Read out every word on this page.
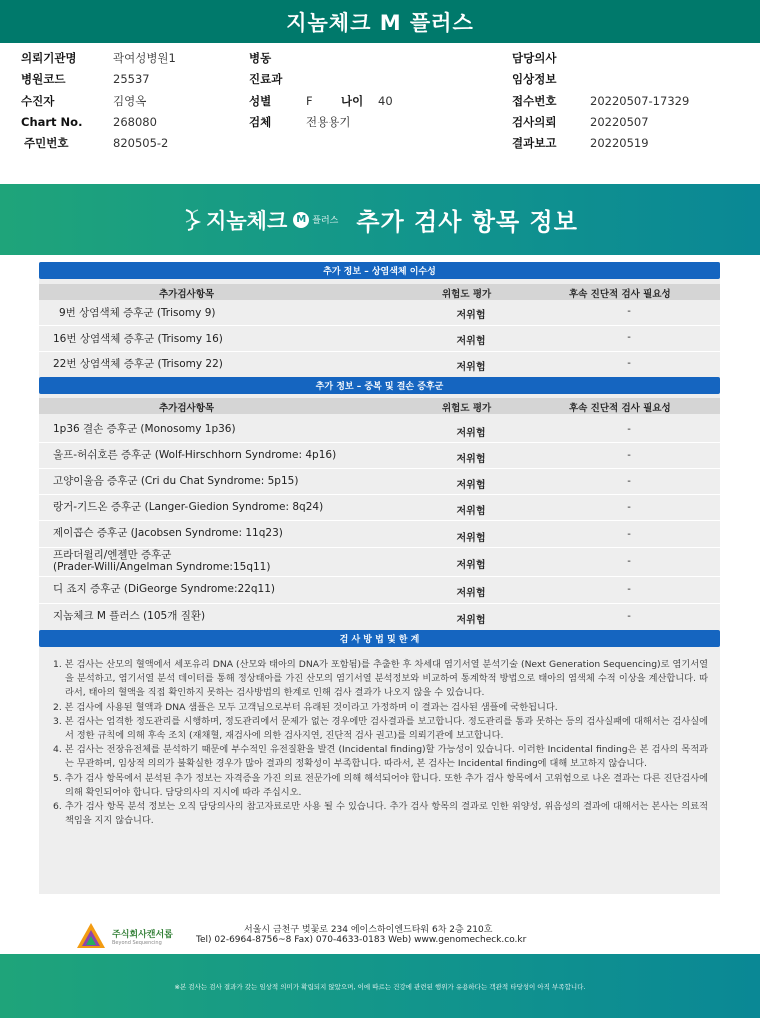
지놈체크 M 플러스
의뢰기관명	곽여성병원1
병원코드	25537
수진자	김영옥
Chart No.	268080
주민번호	820505-2
병동
진료과
성별	F 나이 40
검체	전용용기
담당의사
임상정보
접수번호	20220507-17329
검사의뢰	20220507
결과보고	20220519
지놈체크 M 플러스 추가 검사 항목 정보
추가 정보 – 상염색체 이수성
추가검사항목	위험도 평가	후속 진단적 검사 필요성
9번 상염색체 증후군 (Trisomy 9)	저위험	-
16번 상염색체 증후군 (Trisomy 16)	저위험	-
22번 상염색체 증후군 (Trisomy 22)	저위험	-
추가 정보 – 중복 및 결손 증후군
추가검사항목	위험도 평가	후속 진단적 검사 필요성
1p36 결손 증후군 (Monosomy 1p36)	저위험	-
울프-허쉬호른 증후군 (Wolf-Hirschhorn Syndrome: 4p16)	저위험	-
고양이울음 증후군 (Cri du Chat Syndrome: 5p15)	저위험	-
랑거-기드온 증후군 (Langer-Giedion Syndrome: 8q24)	저위험	-
제이콥슨 증후군 (Jacobsen Syndrome: 11q23)	저위험	-
프라더윌리/엔젤만 증후군
(Prader-Willi/Angelman Syndrome:15q11)	저위험	-
디 죠지 증후군 (DiGeorge Syndrome:22q11)	저위험	-
지놈체크 M 플러스 (105개 질환)	저위험	-
검 사 방 법 및 한 계

1. 본 검사는 산모의 혈액에서 세포유리 DNA (산모와 태아의 DNA가 포함됨)를 추출한 후 차세대 염기서열 분석기술 (Next Generation Sequencing)로 염기서열을 분석하고, 염기서열 분석 데이터를 통해 정상태아를 가진 산모의 염기서열 분석정보와 비교하여 통계학적 방법으로 태아의 염색체 수적 이상을 계산합니다. 따라서, 태아의 혈액을 직접 확인하지 못하는 검사방법의 한계로 인해 검사 결과가 나오지 않을 수 있습니다.

2. 본 검사에 사용된 혈액과 DNA 샘플은 모두 고객님으로부터 유래된 것이라고 가정하며 이 결과는 검사된 샘플에 국한됩니다.

3. 본 검사는 엄격한 정도관리를 시행하며, 정도관리에서 문제가 없는 경우에만 검사결과를 보고합니다. 정도관리를 통과 못하는 등의 검사실패에 대해서는 검사실에서 정한 규칙에 의해 후속 조치 (재채혈, 재검사에 의한 검사지연, 진단적 검사 권고)를 의뢰기관에 보고합니다.

4. 본 검사는 전장유전체를 분석하기 때문에 부수적인 유전질환을 발견 (Incidental finding)할 가능성이 있습니다. 이러한 Incidental finding은 본 검사의 목적과는 무관하며, 임상적 의의가 불확실한 경우가 많아 결과의 정확성이 부족합니다. 따라서, 본 검사는 Incidental finding에 대해 보고하지 않습니다.

5. 추가 검사 항목에서 분석된 추가 정보는 자격증을 가진 의료 전문가에 의해 해석되어야 합니다. 또한 추가 검사 항목에서 고위험으로 나온 결과는 다른 진단검사에 의해 확인되어야 합니다. 담당의사의 지시에 따라 주십시오.

6. 추가 검사 항목 분석 정보는 오직 담당의사의 참고자료로만 사용 될 수 있습니다. 추가 검사 항목의 결과로 인한 위양성, 위음성의 결과에 대해서는 본사는 의료적 책임을 지지 않습니다.

주식회사캔서롭
Beyond Sequencing
서울시 금천구 벚꽃로 234 에이스하이엔드타워 6차 2층 210호
Tel) 02-6964-8756~8 Fax) 070-4633-0183 Web) www.genomecheck.co.kr
※본 검사는 검사 결과가 갖는 임상적 의미가 확립되지 않았으며, 이에 따르는 건강에 관련된 행위가 유용하다는 객관적 타당성이 아직 부족합니다.
